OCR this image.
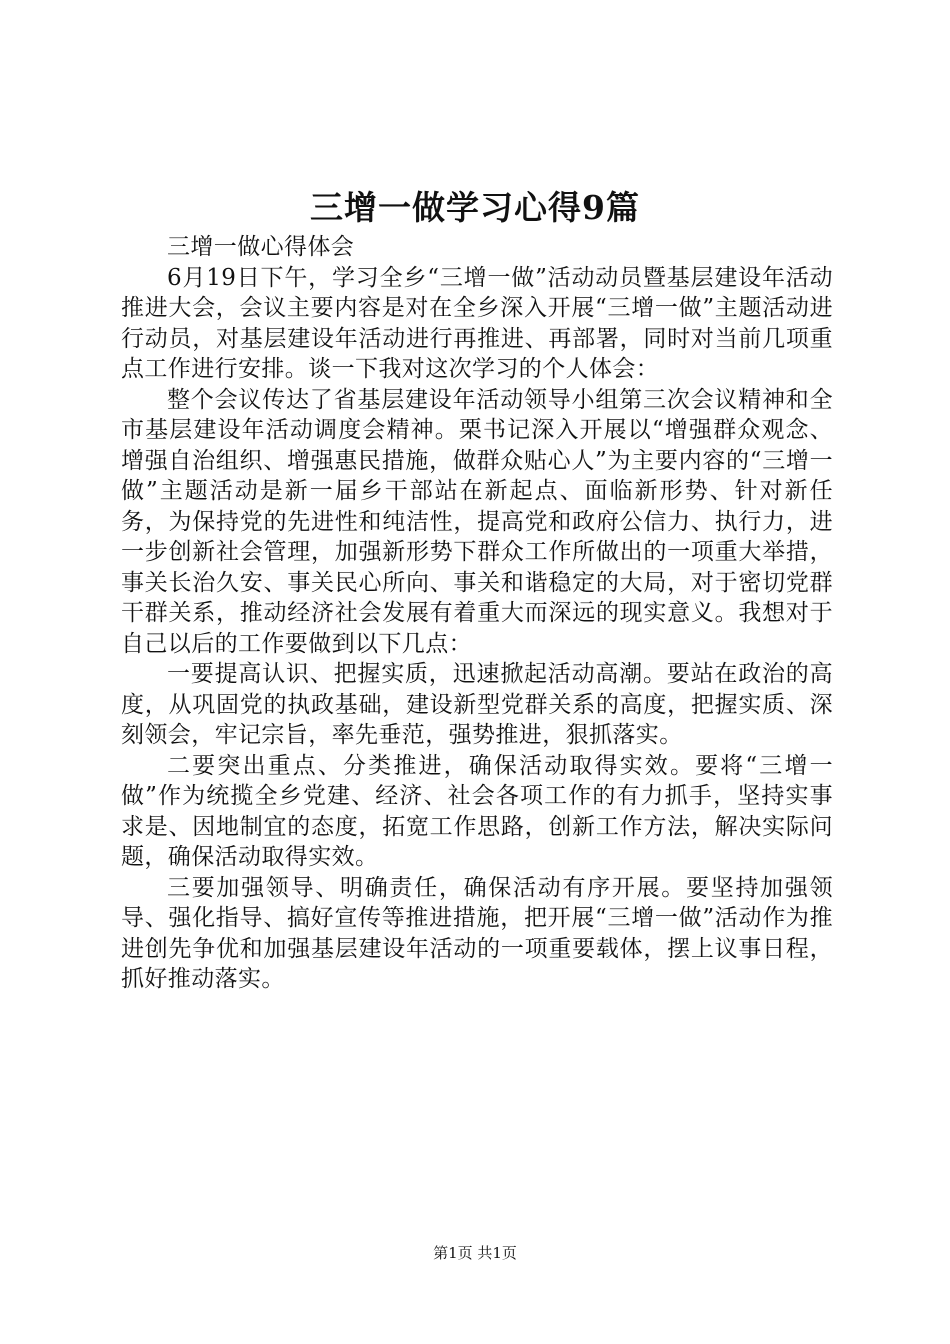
三增一做学习心得9篇

三增一做心得体会

6月19日下午，学习全乡“三增一做”活动动员暨基层建设年活动推进大会，会议主要内容是对在全乡深入开展“三增一做”主题活动进行动员，对基层建设年活动进行再推进、再部署，同时对当前几项重点工作进行安排。谈一下我对这次学习的个人体会：

整个会议传达了省基层建设年活动领导小组第三次会议精神和全市基层建设年活动调度会精神。栗书记深入开展以“增强群众观念、增强自治组织、增强惠民措施，做群众贴心人”为主要内容的“三增一做”主题活动是新一届乡干部站在新起点、面临新形势、针对新任务，为保持党的先进性和纯洁性，提高党和政府公信力、执行力，进一步创新社会管理，加强新形势下群众工作所做出的一项重大举措，事关长治久安、事关民心所向、事关和谐稳定的大局，对于密切党群干群关系，推动经济社会发展有着重大而深远的现实意义。我想对于自己以后的工作要做到以下几点：

一要提高认识、把握实质，迅速掀起活动高潮。要站在政治的高度，从巩固党的执政基础，建设新型党群关系的高度，把握实质、深刻领会，牢记宗旨，率先垂范，强势推进，狠抓落实。

二要突出重点、分类推进，确保活动取得实效。要将“三增一做”作为统揽全乡党建、经济、社会各项工作的有力抓手，坚持实事求是、因地制宜的态度，拓宽工作思路，创新工作方法，解决实际问题，确保活动取得实效。

三要加强领导、明确责任，确保活动有序开展。要坚持加强领导、强化指导、搞好宣传等推进措施，把开展“三增一做”活动作为推进创先争优和加强基层建设年活动的一项重要载体，摆上议事日程，抓好推动落实。

第1页 共1页
